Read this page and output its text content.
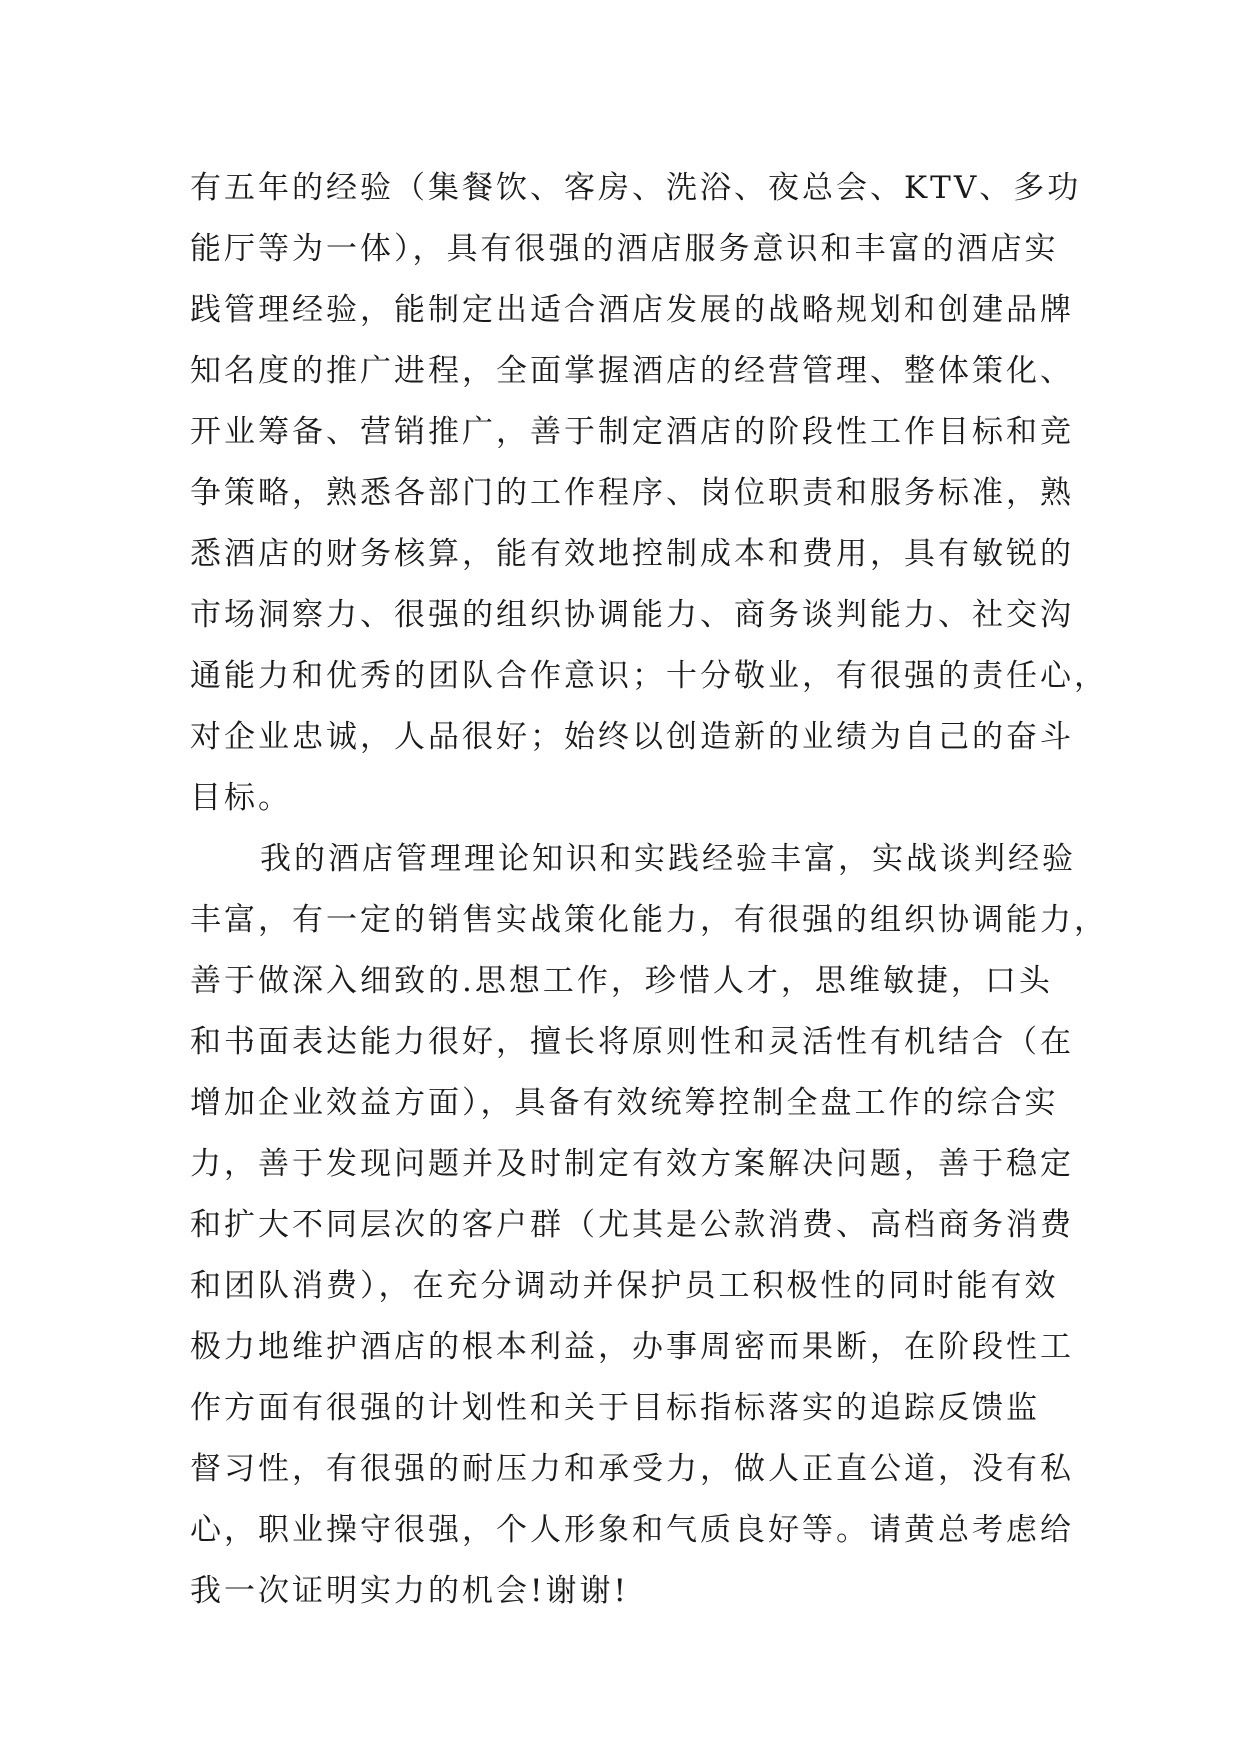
有五年的经验（集餐饮、客房、洗浴、夜总会、KTV、多功
能厅等为一体），具有很强的酒店服务意识和丰富的酒店实
践管理经验，能制定出适合酒店发展的战略规划和创建品牌
知名度的推广进程，全面掌握酒店的经营管理、整体策化、
开业筹备、营销推广，善于制定酒店的阶段性工作目标和竞
争策略，熟悉各部门的工作程序、岗位职责和服务标准，熟
悉酒店的财务核算，能有效地控制成本和费用，具有敏锐的
市场洞察力、很强的组织协调能力、商务谈判能力、社交沟
通能力和优秀的团队合作意识；十分敬业，有很强的责任心，
对企业忠诚，人品很好；始终以创造新的业绩为自己的奋斗
目标。
我的酒店管理理论知识和实践经验丰富，实战谈判经验
丰富，有一定的销售实战策化能力，有很强的组织协调能力，
善于做深入细致的.思想工作，珍惜人才，思维敏捷，口头
和书面表达能力很好，擅长将原则性和灵活性有机结合（在
增加企业效益方面），具备有效统筹控制全盘工作的综合实
力，善于发现问题并及时制定有效方案解决问题，善于稳定
和扩大不同层次的客户群（尤其是公款消费、高档商务消费
和团队消费），在充分调动并保护员工积极性的同时能有效
极力地维护酒店的根本利益，办事周密而果断，在阶段性工
作方面有很强的计划性和关于目标指标落实的追踪反馈监
督习性，有很强的耐压力和承受力，做人正直公道，没有私
心，职业操守很强，个人形象和气质良好等。请黄总考虑给
我一次证明实力的机会!谢谢!
